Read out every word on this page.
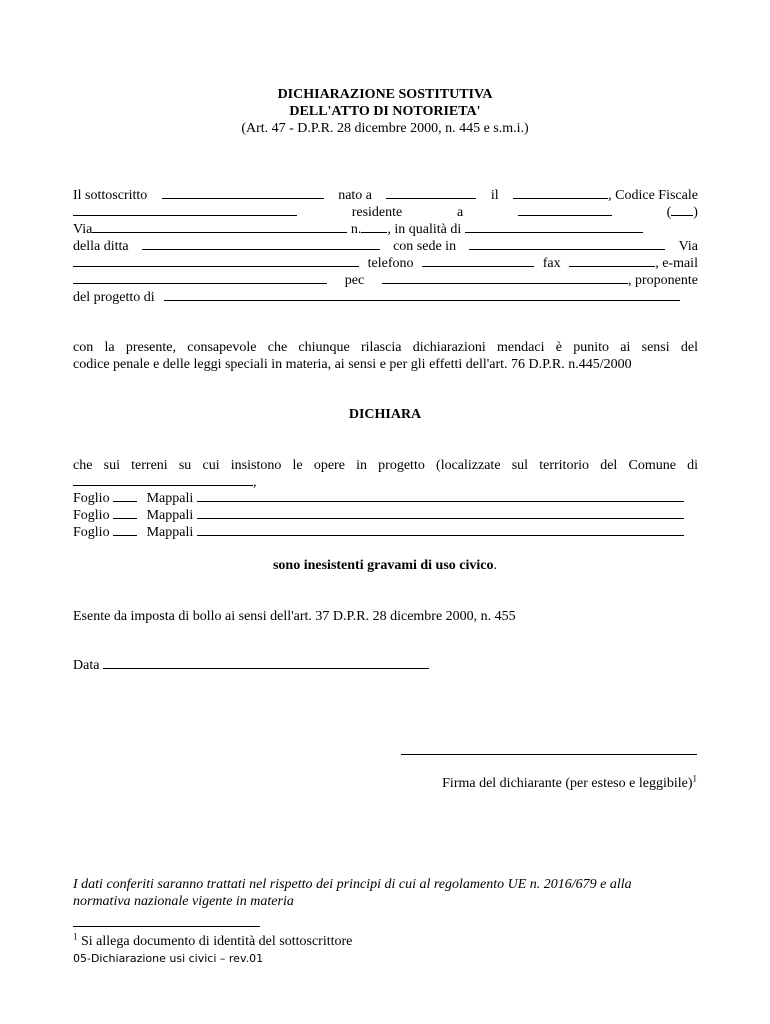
DICHIARAZIONE SOSTITUTIVA
DELL'ATTO DI NOTORIETA'
(Art. 47 - D.P.R. 28 dicembre 2000, n. 445 e s.m.i.)
Il sottoscritto	nato a	il	, Codice Fiscale
residente	a	( )
Via	n. , in qualità di
della ditta	con sede in	Via
telefono	fax	, e-mail
pec	, proponente
del progetto di
con la presente, consapevole che chiunque rilascia dichiarazioni mendaci è punito ai sensi del
codice penale e delle leggi speciali in materia, ai sensi e per gli effetti dell'art. 76 D.P.R. n.445/2000
DICHIARA
che sui terreni su cui insistono le opere in progetto (localizzate sul territorio del Comune di
,
Foglio	Mappali
Foglio	Mappali
Foglio	Mappali
sono inesistenti gravami di uso civico.
Esente da imposta di bollo ai sensi dell'art. 37 D.P.R. 28 dicembre 2000, n. 455
Data
Firma del dichiarante (per esteso e leggibile)$^1$
I dati conferiti saranno trattati nel rispetto dei principi di cui al regolamento UE n. 2016/679 e alla
normativa nazionale vigente in materia
$^1$ Si allega documento di identità del sottoscrittore
05-Dichiarazione usi civici – rev.01
